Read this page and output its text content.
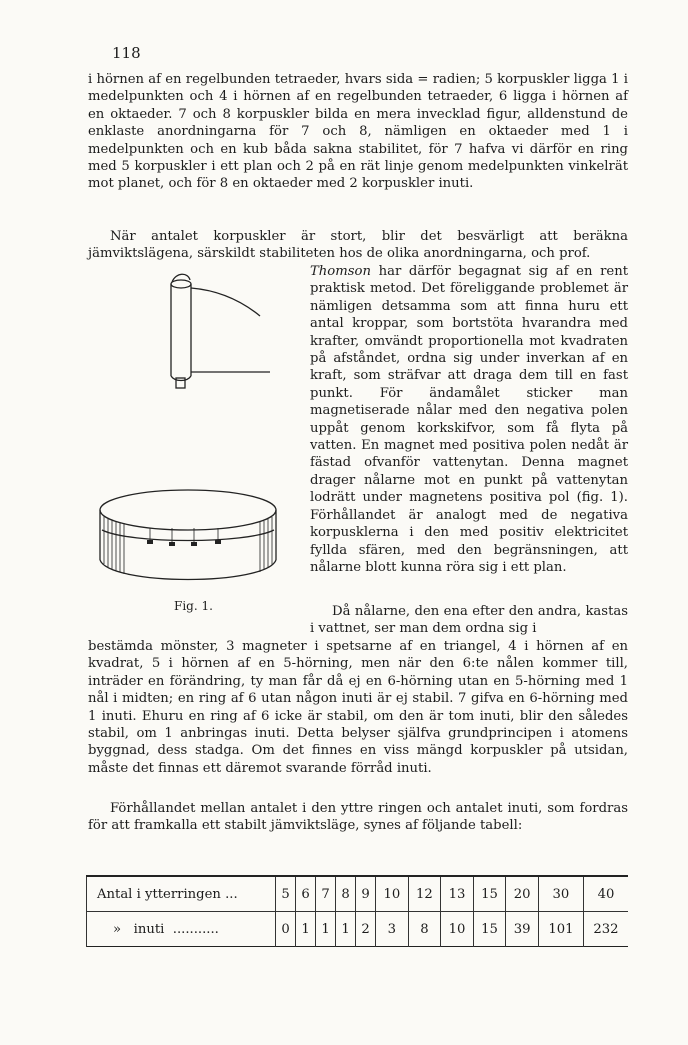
118

i hörnen af en regelbunden tetraeder, hvars sida = radien; 5 korpuskler ligga 1 i medelpunkten och 4 i hörnen af en regelbunden tetraeder, 6 ligga i hörnen af en oktaeder. 7 och 8 korpuskler bilda en mera invecklad figur, alldenstund de enklaste anordningarna för 7 och 8, nämligen en oktaeder med 1 i medelpunkten och en kub båda sakna stabilitet, för 7 hafva vi därför en ring med 5 korpuskler i ett plan och 2 på en rät linje genom medelpunkten vinkelrät mot planet, och för 8 en oktaeder med 2 korpuskler inuti.

När antalet korpuskler är stort, blir det besvärligt att beräkna jämviktslägena, särskildt stabiliteten hos de olika anordningarna, och prof.

Thomson har därför begagnat sig af en rent praktisk metod. Det föreliggande problemet är nämligen detsamma som att finna huru ett antal kroppar, som bortstöta hvarandra med krafter, omvändt proportionella mot kvadraten på afståndet, ordna sig under inverkan af en kraft, som sträfvar att draga dem till en fast punkt. För ändamålet sticker man magnetiserade nålar med den negativa polen uppåt genom korkskifvor, som få flyta på vatten. En magnet med positiva polen nedåt är fästad ofvanför vattenytan. Denna magnet drager nålarne mot en punkt på vattenytan lodrätt under magnetens positiva pol (fig. 1). Förhållandet är analogt med de negativa korpusklerna i den med positiv elektricitet fyllda sfären, med den begränsningen, att nålarne blott kunna röra sig i ett plan.

Då nålarne, den ena efter den andra, kastas i vattnet, ser man dem ordna sig i

Fig. 1.

bestämda mönster, 3 magneter i spetsarne af en triangel, 4 i hörnen af en kvadrat, 5 i hörnen af en 5-hörning, men när den 6:te nålen kommer till, inträder en förändring, ty man får då ej en 6-hörning utan en 5-hörning med 1 nål i midten; en ring af 6 utan någon inuti är ej stabil. 7 gifva en 6-hörning med 1 inuti. Ehuru en ring af 6 icke är stabil, om den är tom inuti, blir den således stabil, om 1 anbringas inuti. Detta belyser själfva grundprincipen i atomens byggnad, dess stadga. Om det finnes en viss mängd korpuskler på utsidan, måste det finnas ett däremot svarande förråd inuti.

Förhållandet mellan antalet i den yttre ringen och antalet inuti, som fordras för att framkalla ett stabilt jämviktsläge, synes af följande tabell:

Antal i ytterringen ...	5	6	7	8	9	10	12	13	15	20	30	40
»   inuti  ...........	0	1	1	1	2	3	8	10	15	39	101	232
